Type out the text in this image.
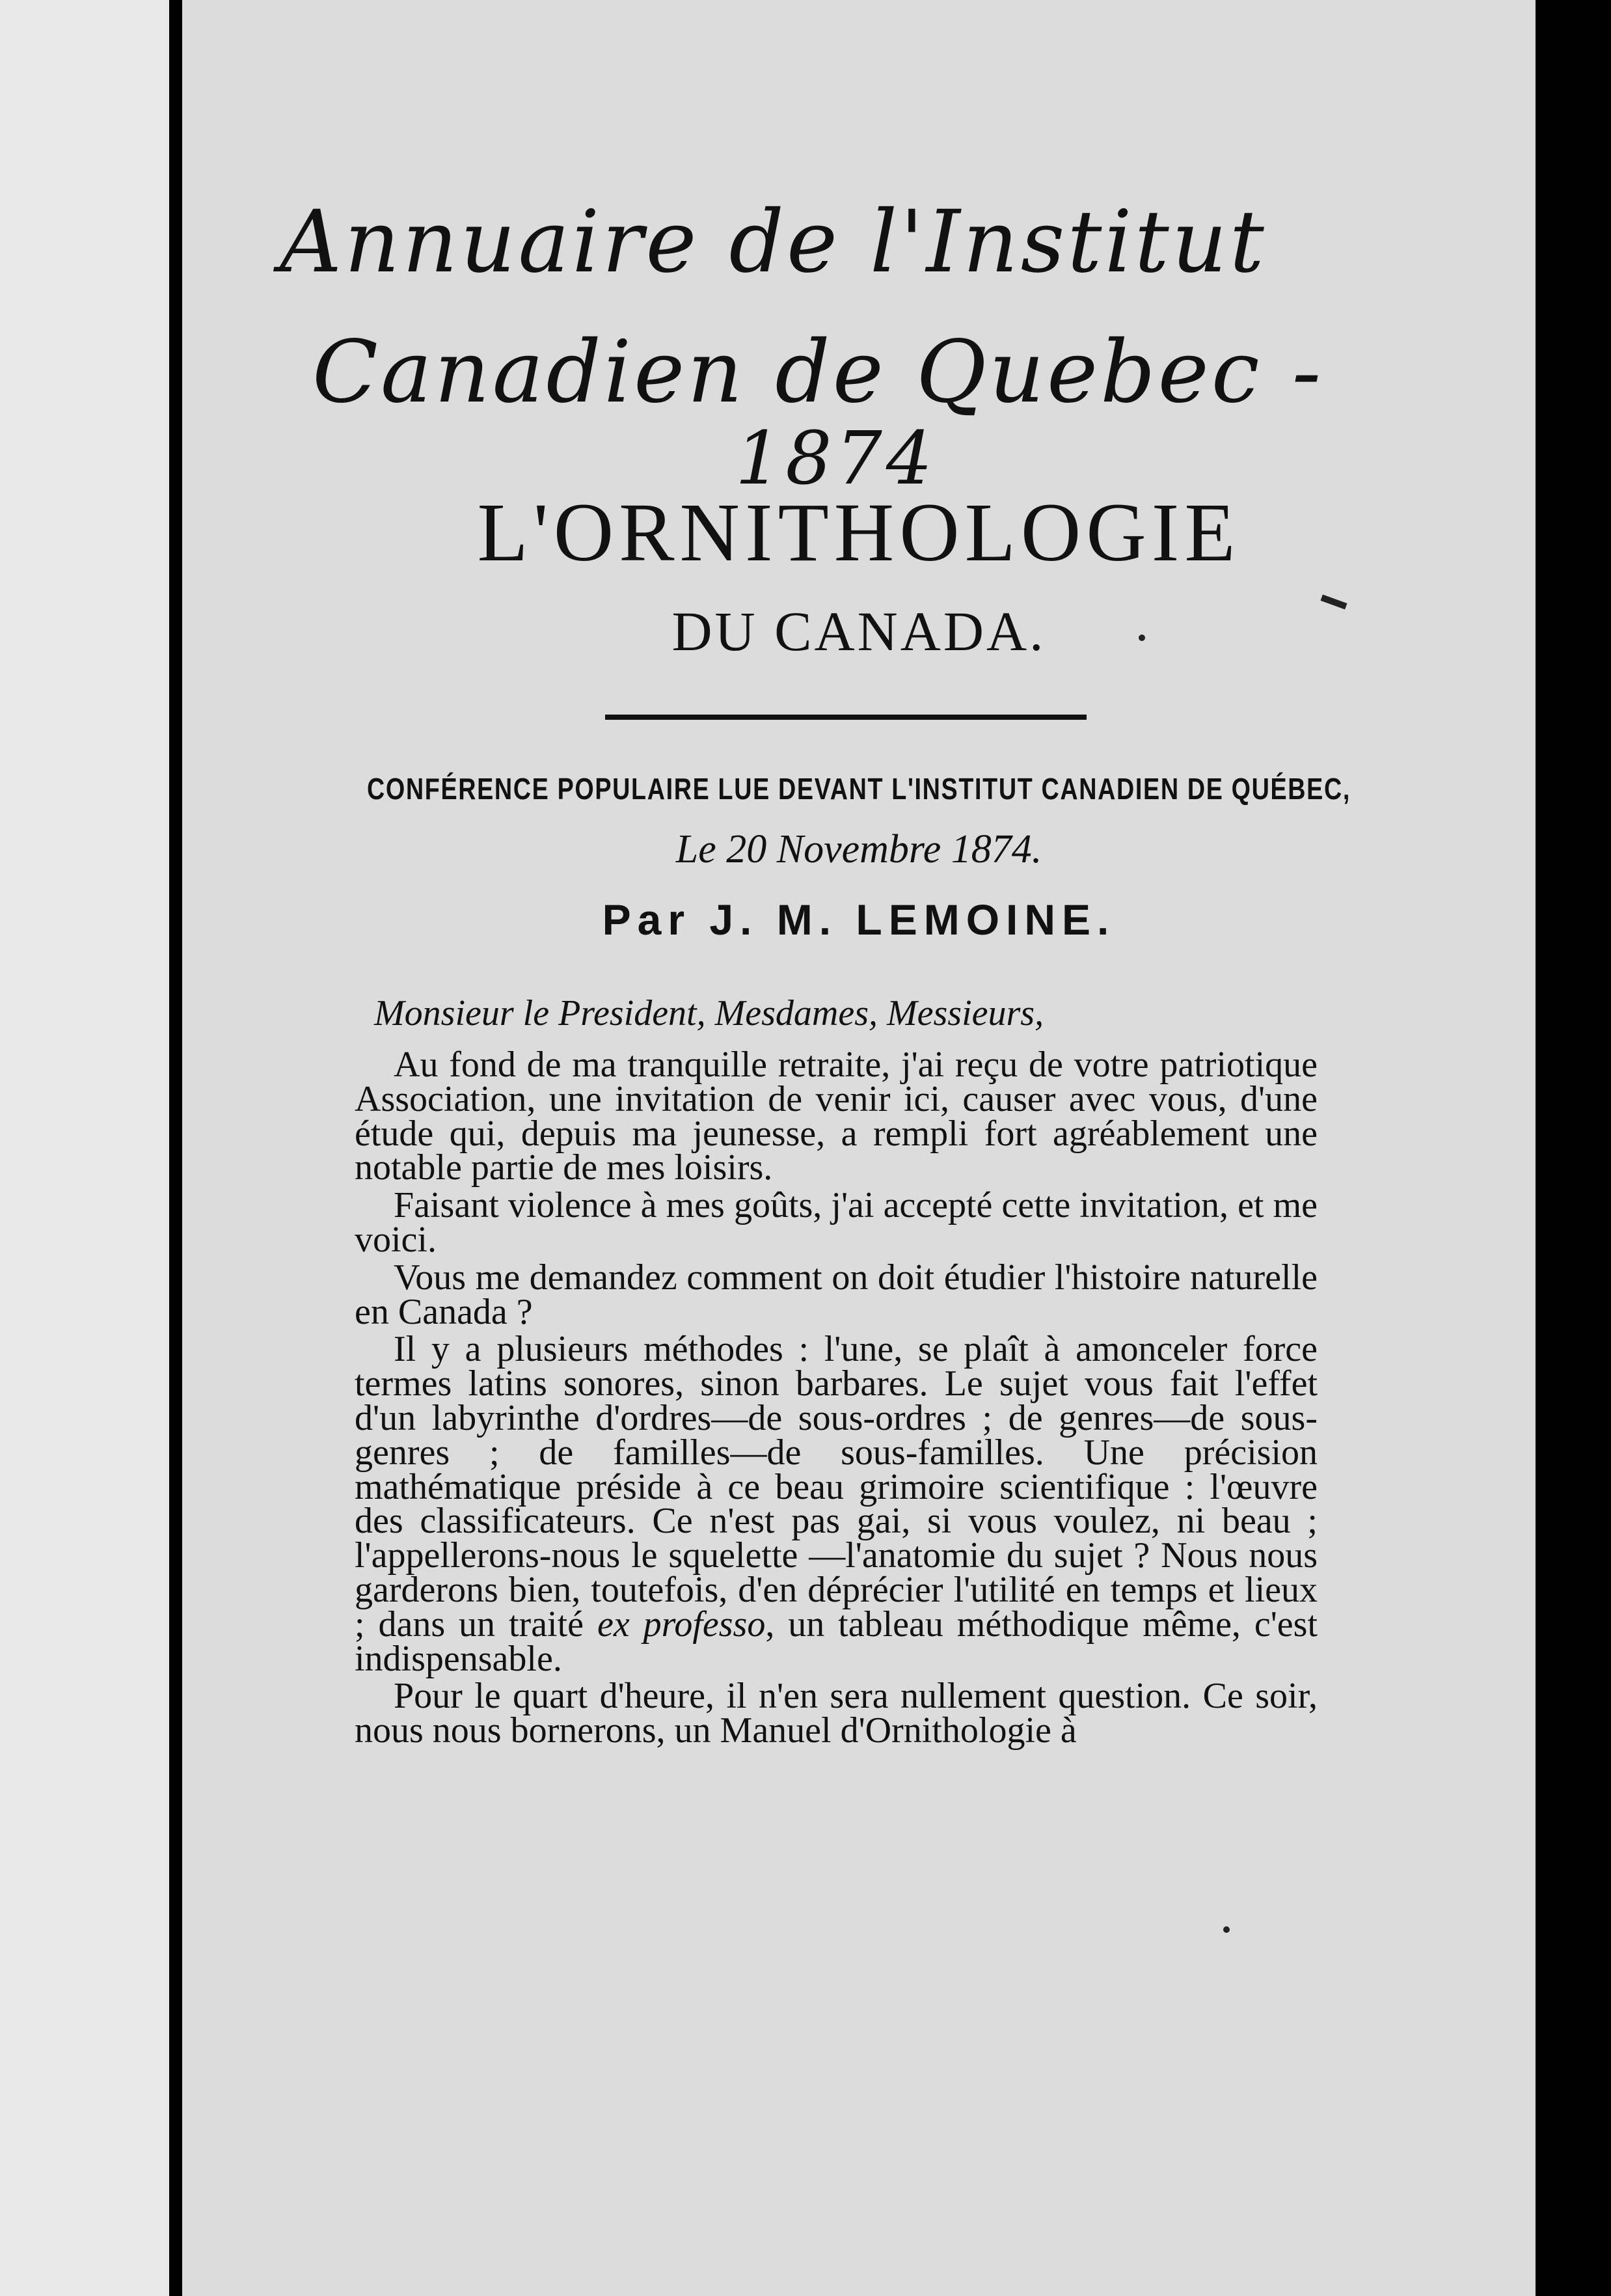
Annuaire de l'Institut
Canadien de Quebec -
1874
L'ORNITHOLOGIE
DU CANADA.
CONFÉRENCE POPULAIRE LUE DEVANT L'INSTITUT CANADIEN DE QUÉBEC,
Le 20 Novembre 1874.
Par J. M. LEMOINE.
Monsieur le President, Mesdames, Messieurs,

Au fond de ma tranquille retraite, j'ai reçu de votre patriotique Association, une invitation de venir ici, causer avec vous, d'une étude qui, depuis ma jeunesse, a rempli fort agréablement une notable partie de mes loisirs.

Faisant violence à mes goûts, j'ai accepté cette invitation, et me voici.

Vous me demandez comment on doit étudier l'histoire naturelle en Canada ?

Il y a plusieurs méthodes : l'une, se plaît à amonceler force termes latins sonores, sinon barbares. Le sujet vous fait l'effet d'un labyrinthe d'ordres—de sous-ordres ; de genres—de sous-genres ; de familles—de sous-familles. Une précision mathématique préside à ce beau grimoire scientifique : l'œuvre des classificateurs. Ce n'est pas gai, si vous voulez, ni beau ; l'appellerons-nous le squelette —l'anatomie du sujet ? Nous nous garderons bien, toutefois, d'en déprécier l'utilité en temps et lieux ; dans un traité ex professo, un tableau méthodique même, c'est indispensable.

Pour le quart d'heure, il n'en sera nullement question. Ce soir, nous nous bornerons, un Manuel d'Ornithologie à
